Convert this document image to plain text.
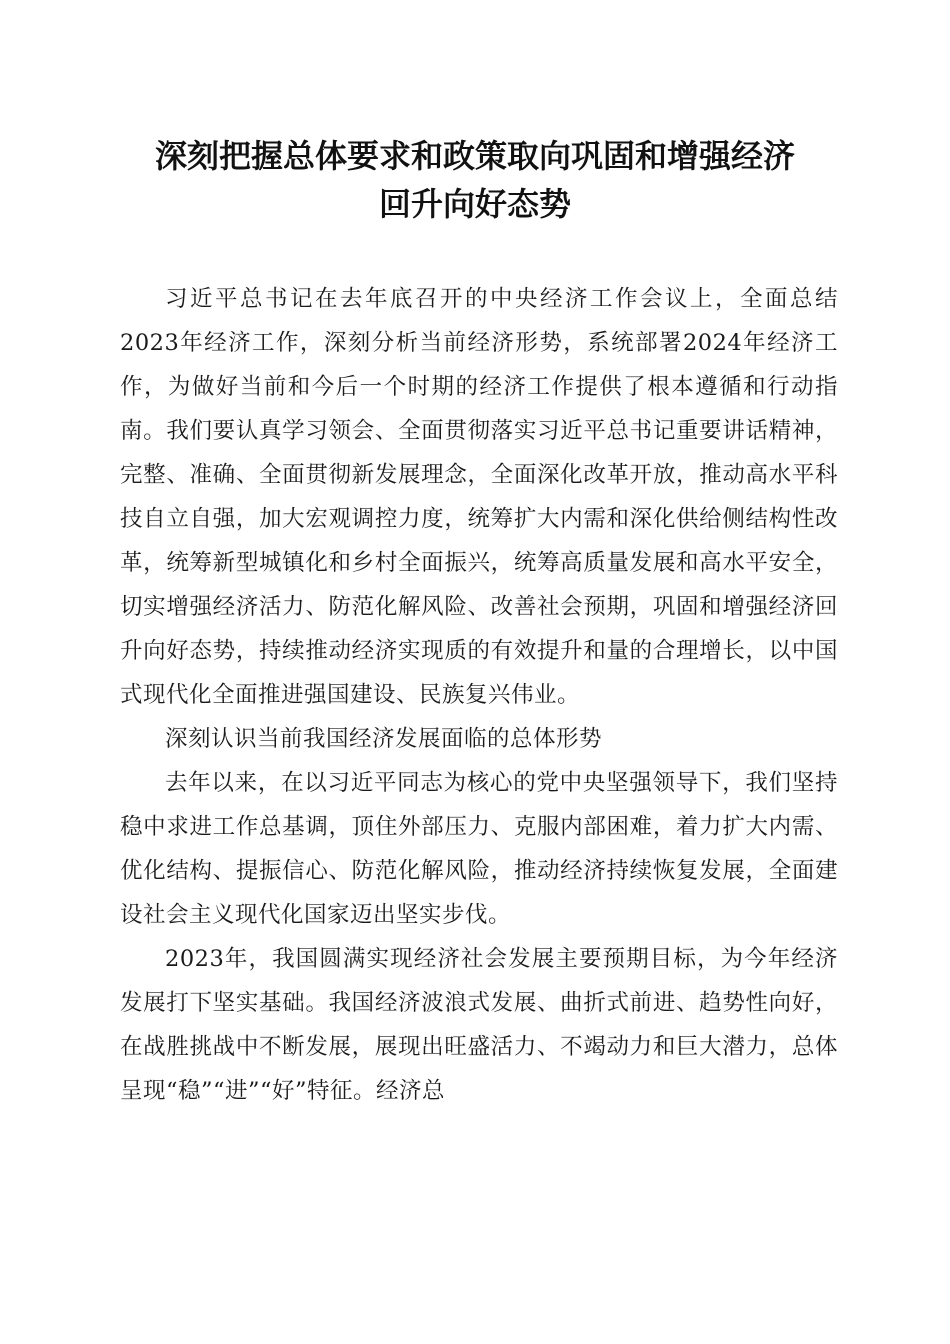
深刻把握总体要求和政策取向巩固和增强经济
回升向好态势

习近平总书记在去年底召开的中央经济工作会议上，全面总结2023年经济工作，深刻分析当前经济形势，系统部署2024年经济工作，为做好当前和今后一个时期的经济工作提供了根本遵循和行动指南。我们要认真学习领会、全面贯彻落实习近平总书记重要讲话精神，完整、准确、全面贯彻新发展理念，全面深化改革开放，推动高水平科技自立自强，加大宏观调控力度，统筹扩大内需和深化供给侧结构性改革，统筹新型城镇化和乡村全面振兴，统筹高质量发展和高水平安全，切实增强经济活力、防范化解风险、改善社会预期，巩固和增强经济回升向好态势，持续推动经济实现质的有效提升和量的合理增长，以中国式现代化全面推进强国建设、民族复兴伟业。

深刻认识当前我国经济发展面临的总体形势

去年以来，在以习近平同志为核心的党中央坚强领导下，我们坚持稳中求进工作总基调，顶住外部压力、克服内部困难，着力扩大内需、优化结构、提振信心、防范化解风险，推动经济持续恢复发展，全面建设社会主义现代化国家迈出坚实步伐。

2023年，我国圆满实现经济社会发展主要预期目标，为今年经济发展打下坚实基础。我国经济波浪式发展、曲折式前进、趋势性向好，在战胜挑战中不断发展，展现出旺盛活力、不竭动力和巨大潜力，总体呈现“稳”“进”“好”特征。经济总
